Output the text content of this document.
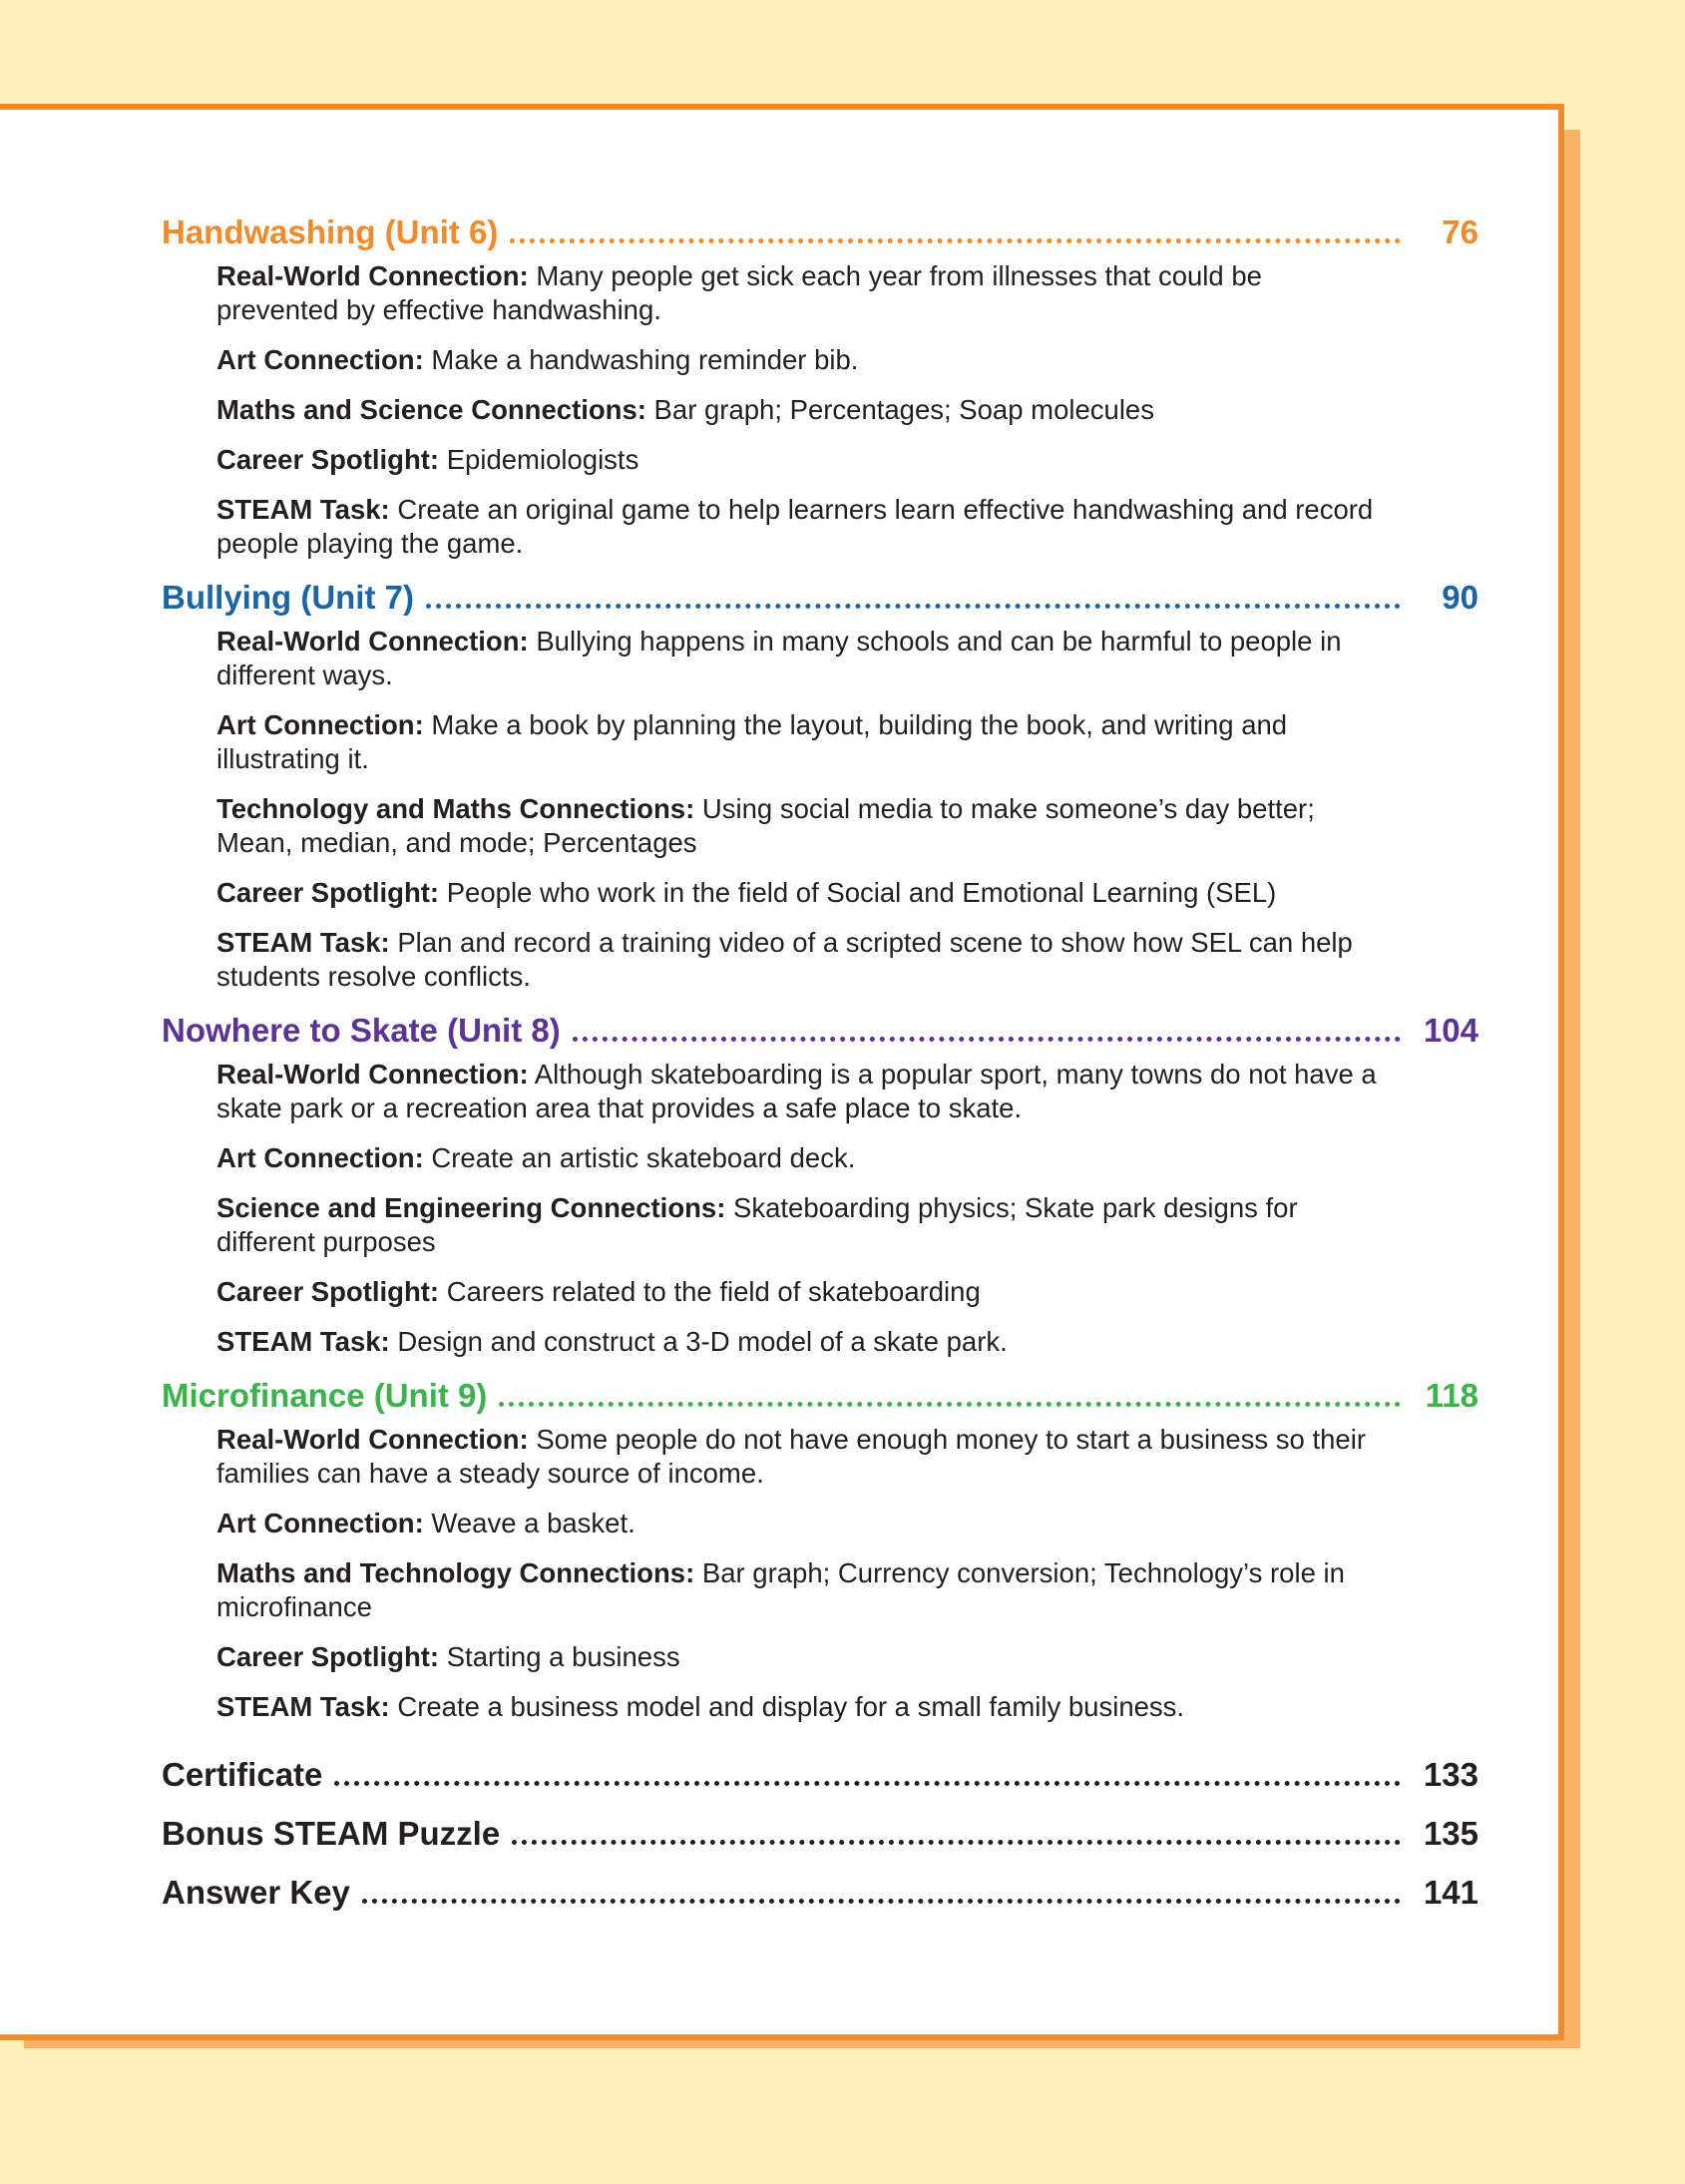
Handwashing (Unit 6)	76
Real-World Connection: Many people get sick each year from illnesses that could be prevented by effective handwashing.
Art Connection: Make a handwashing reminder bib.
Maths and Science Connections: Bar graph; Percentages; Soap molecules
Career Spotlight: Epidemiologists
STEAM Task: Create an original game to help learners learn effective handwashing and record people playing the game.
Bullying (Unit 7)	90
Real-World Connection: Bullying happens in many schools and can be harmful to people in different ways.
Art Connection: Make a book by planning the layout, building the book, and writing and illustrating it.
Technology and Maths Connections: Using social media to make someone’s day better; Mean, median, and mode; Percentages
Career Spotlight: People who work in the field of Social and Emotional Learning (SEL)
STEAM Task: Plan and record a training video of a scripted scene to show how SEL can help students resolve conflicts.
Nowhere to Skate (Unit 8)	104
Real-World Connection: Although skateboarding is a popular sport, many towns do not have a skate park or a recreation area that provides a safe place to skate.
Art Connection: Create an artistic skateboard deck.
Science and Engineering Connections: Skateboarding physics; Skate park designs for different purposes
Career Spotlight: Careers related to the field of skateboarding
STEAM Task: Design and construct a 3-D model of a skate park.
Microfinance (Unit 9)	118
Real-World Connection: Some people do not have enough money to start a business so their families can have a steady source of income.
Art Connection: Weave a basket.
Maths and Technology Connections: Bar graph; Currency conversion; Technology’s role in microfinance
Career Spotlight: Starting a business
STEAM Task: Create a business model and display for a small family business.
Certificate	133
Bonus STEAM Puzzle	135
Answer Key	141
